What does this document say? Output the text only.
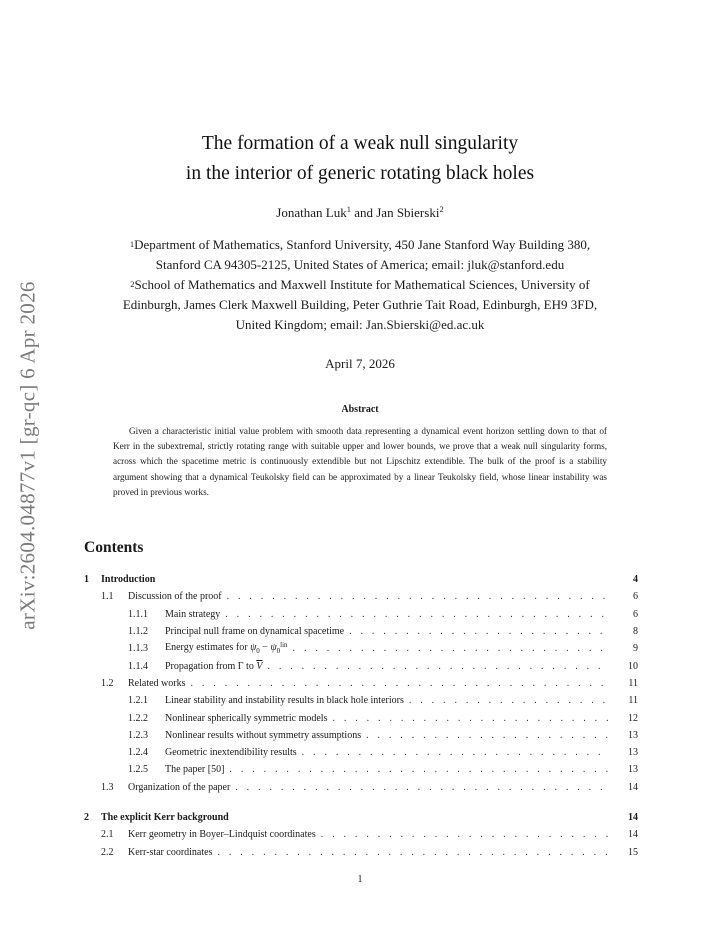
arXiv:2604.04877v1 [gr-qc] 6 Apr 2026
The formation of a weak null singularity
in the interior of generic rotating black holes
Jonathan Luk$^1$ and Jan Sbierski$^2$
$^1$Department of Mathematics, Stanford University, 450 Jane Stanford Way Building 380,
Stanford CA 94305-2125, United States of America; email: jluk@stanford.edu
$^2$School of Mathematics and Maxwell Institute for Mathematical Sciences, University of
Edinburgh, James Clerk Maxwell Building, Peter Guthrie Tait Road, Edinburgh, EH9 3FD,
United Kingdom; email: Jan.Sbierski@ed.ac.uk
April 7, 2026
Abstract
Given a characteristic initial value problem with smooth data representing a dynamical event horizon settling down to that of Kerr in the subextremal, strictly rotating range with suitable upper and lower bounds, we prove that a weak null singularity forms, across which the spacetime metric is continuously extendible but not Lipschitz extendible. The bulk of the proof is a stability argument showing that a dynamical Teukolsky field can be approximated by a linear Teukolsky field, whose linear instability was proved in previous works.
Contents
1	Introduction	4
1.1	Discussion of the proof . . .	6
1.1.1	Main strategy . . .	6
1.1.2	Principal null frame on dynamical spacetime . . .	8
1.1.3	Energy estimates for $\psi_0 - \psi_0^{lin}$ . . .	9
1.1.4	Propagation from Γ to $\overline{V}$ . . .	10
1.2	Related works . . .	11
1.2.1	Linear stability and instability results in black hole interiors . . .	11
1.2.2	Nonlinear spherically symmetric models . . .	12
1.2.3	Nonlinear results without symmetry assumptions . . .	13
1.2.4	Geometric inextendibility results . . .	13
1.2.5	The paper [50] . . .	13
1.3	Organization of the paper . . .	14
2	The explicit Kerr background	14
2.1	Kerr geometry in Boyer–Lindquist coordinates . . .	14
2.2	Kerr-star coordinates . . .	15
1
